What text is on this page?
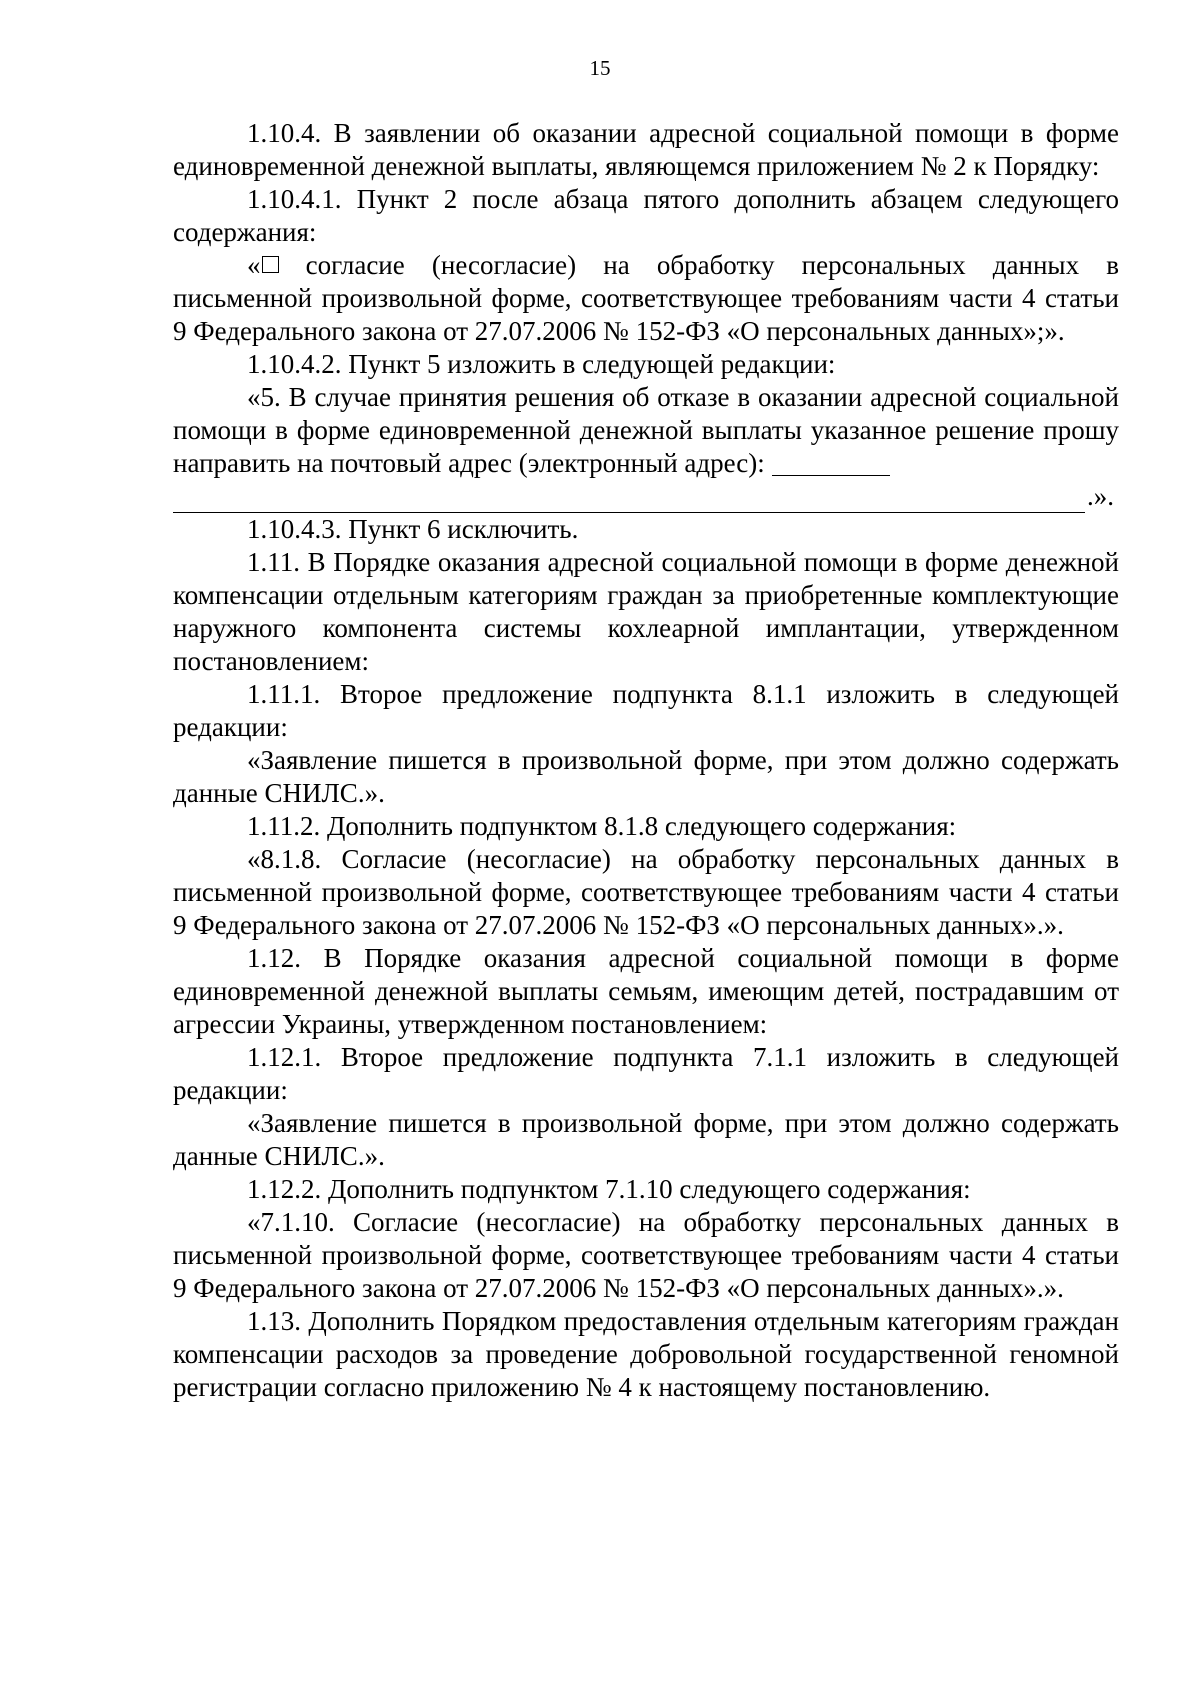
15

1.10.4. В заявлении об оказании адресной социальной помощи в форме единовременной денежной выплаты, являющемся приложением № 2 к Порядку:

1.10.4.1. Пункт 2 после абзаца пятого дополнить абзацем следующего содержания:

« согласие (несогласие) на обработку персональных данных в письменной произвольной форме, соответствующее требованиям части 4 статьи 9 Федерального закона от 27.07.2006 № 152-ФЗ «О персональных данных»;».

1.10.4.2. Пункт 5 изложить в следующей редакции:

«5. В случае принятия решения об отказе в оказании адресной социальной помощи в форме единовременной денежной выплаты указанное решение прошу направить на почтовый адрес (электронный адрес):

.».

1.10.4.3. Пункт 6 исключить.

1.11. В Порядке оказания адресной социальной помощи в форме денежной компенсации отдельным категориям граждан за приобретенные комплектующие наружного компонента системы кохлеарной имплантации, утвержденном постановлением:

1.11.1. Второе предложение подпункта 8.1.1 изложить в следующей редакции:

«Заявление пишется в произвольной форме, при этом должно содержать данные СНИЛС.».

1.11.2. Дополнить подпунктом 8.1.8 следующего содержания:

«8.1.8. Согласие (несогласие) на обработку персональных данных в письменной произвольной форме, соответствующее требованиям части 4 статьи 9 Федерального закона от 27.07.2006 № 152-ФЗ «О персональных данных».».

1.12. В Порядке оказания адресной социальной помощи в форме единовременной денежной выплаты семьям, имеющим детей, пострадавшим от агрессии Украины, утвержденном постановлением:

1.12.1. Второе предложение подпункта 7.1.1 изложить в следующей редакции:

«Заявление пишется в произвольной форме, при этом должно содержать данные СНИЛС.».

1.12.2. Дополнить подпунктом 7.1.10 следующего содержания:

«7.1.10. Согласие (несогласие) на обработку персональных данных в письменной произвольной форме, соответствующее требованиям части 4 статьи 9 Федерального закона от 27.07.2006 № 152-ФЗ «О персональных данных».».

1.13. Дополнить Порядком предоставления отдельным категориям граждан компенсации расходов за проведение добровольной государственной геномной регистрации согласно приложению № 4 к настоящему постановлению.
